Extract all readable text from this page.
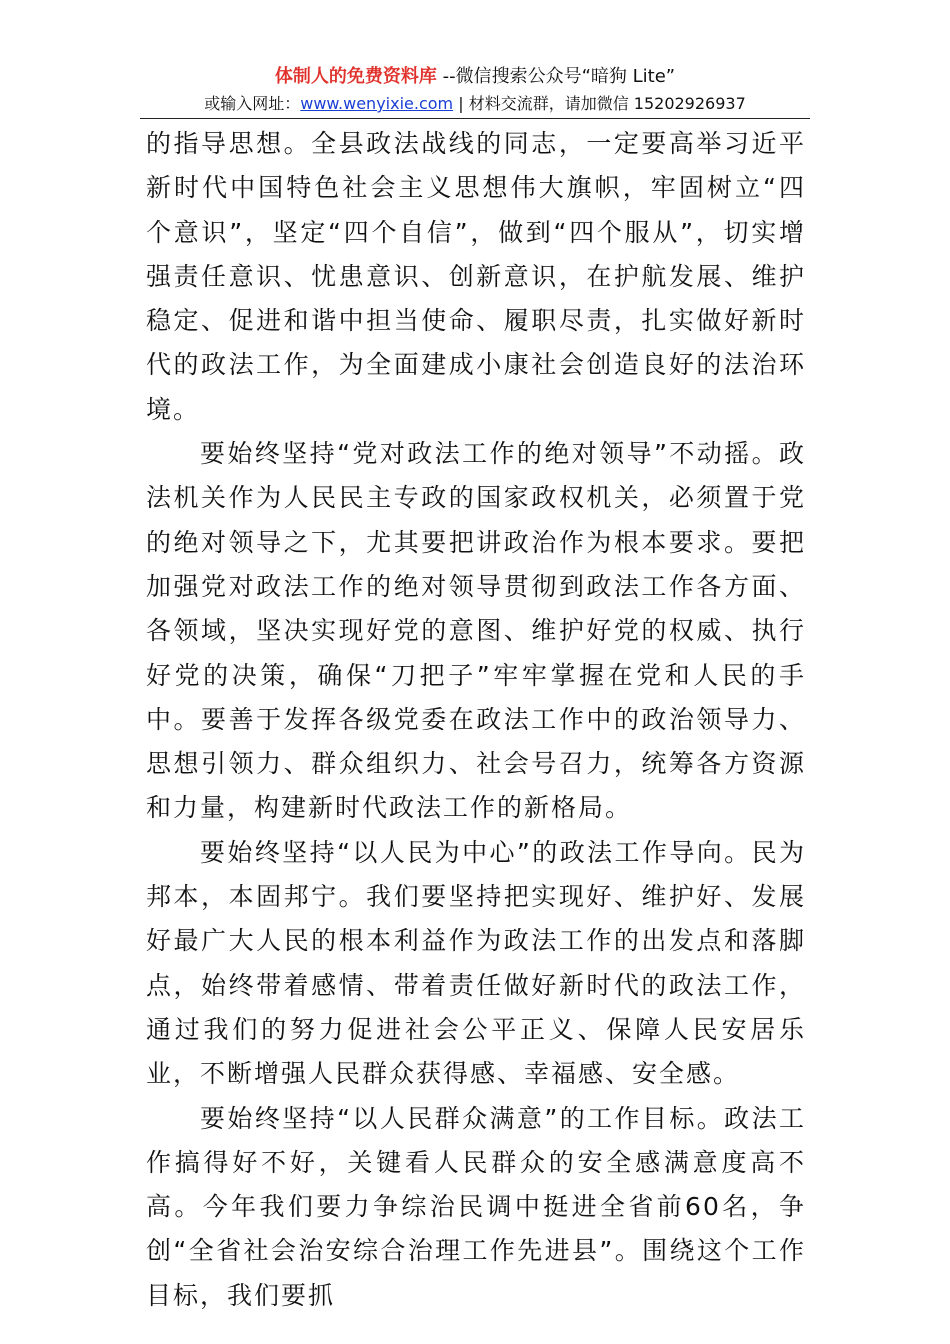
体制人的免费资料库 --微信搜索公众号“暗狗 Lite”
或输入网址：www.wenyixie.com | 材料交流群，请加微信 15202926937

的指导思想。全县政法战线的同志，一定要高举习近平新时代中国特色社会主义思想伟大旗帜，牢固树立“四个意识”，坚定“四个自信”，做到“四个服从”，切实增强责任意识、忧患意识、创新意识，在护航发展、维护稳定、促进和谐中担当使命、履职尽责，扎实做好新时代的政法工作，为全面建成小康社会创造良好的法治环境。

要始终坚持“党对政法工作的绝对领导”不动摇。政法机关作为人民民主专政的国家政权机关，必须置于党的绝对领导之下，尤其要把讲政治作为根本要求。要把加强党对政法工作的绝对领导贯彻到政法工作各方面、各领域，坚决实现好党的意图、维护好党的权威、执行好党的决策，确保“刀把子”牢牢掌握在党和人民的手中。要善于发挥各级党委在政法工作中的政治领导力、思想引领力、群众组织力、社会号召力，统筹各方资源和力量，构建新时代政法工作的新格局。

要始终坚持“以人民为中心”的政法工作导向。民为邦本，本固邦宁。我们要坚持把实现好、维护好、发展好最广大人民的根本利益作为政法工作的出发点和落脚点，始终带着感情、带着责任做好新时代的政法工作，通过我们的努力促进社会公平正义、保障人民安居乐业，不断增强人民群众获得感、幸福感、安全感。

要始终坚持“以人民群众满意”的工作目标。政法工作搞得好不好，关键看人民群众的安全感满意度高不高。今年我们要力争综治民调中挺进全省前60名，争创“全省社会治安综合治理工作先进县”。围绕这个工作目标，我们要抓
